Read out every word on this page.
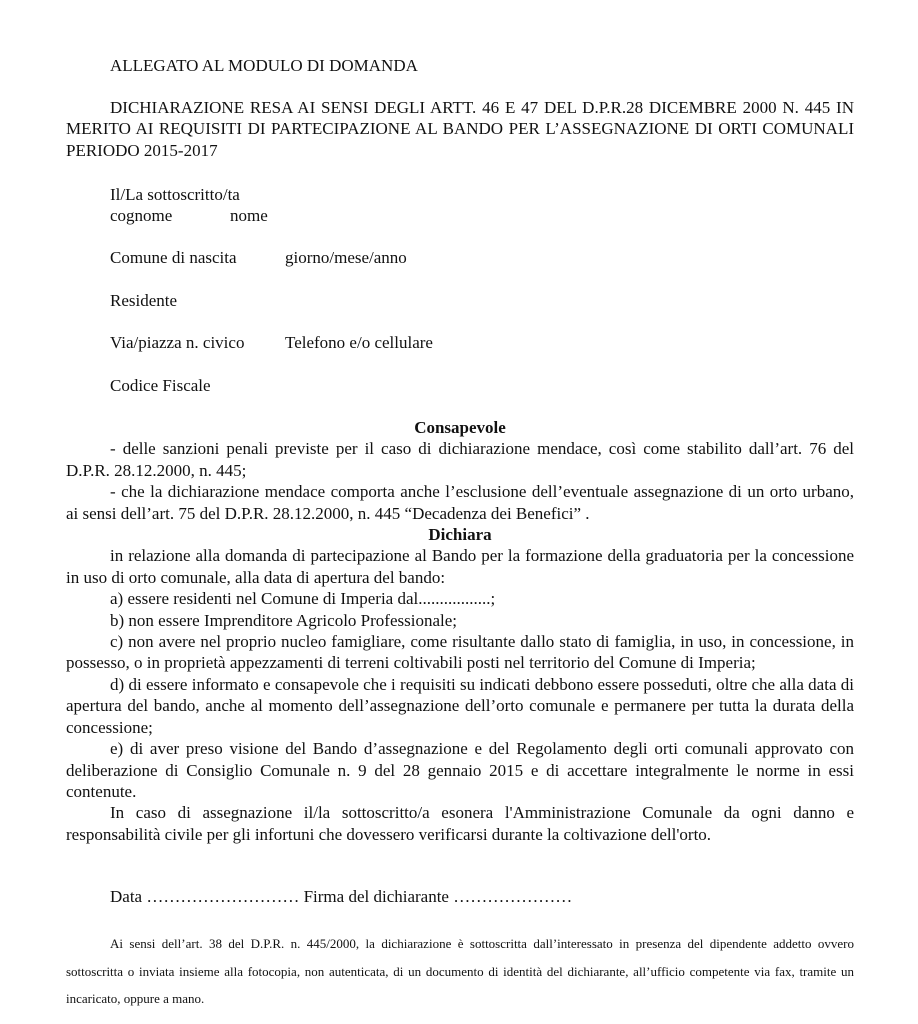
ALLEGATO AL MODULO DI DOMANDA

DICHIARAZIONE RESA AI SENSI DEGLI ARTT. 46 E 47 DEL D.P.R.28 DICEMBRE 2000 N. 445 IN MERITO AI REQUISITI DI PARTECIPAZIONE AL BANDO PER L’ASSEGNAZIONE DI ORTI COMUNALI PERIODO 2015-2017

Il/La sottoscritto/ta
cognome	nome
Comune di nascita	giorno/mese/anno
Residente
Via/piazza n. civico Telefono e/o cellulare
Codice Fiscale

Consapevole

- delle sanzioni penali previste per il caso di dichiarazione mendace, così come stabilito dall’art. 76 del D.P.R. 28.12.2000, n. 445;

- che la dichiarazione mendace comporta anche l’esclusione dell’eventuale assegnazione di un orto urbano, ai sensi dell’art. 75 del D.P.R. 28.12.2000, n. 445 “Decadenza dei Benefici” .

Dichiara

in relazione alla domanda di partecipazione al Bando per la formazione della graduatoria per la concessione in uso di orto comunale, alla data di apertura del bando:

a) essere residenti nel Comune di Imperia dal.................;

b) non essere Imprenditore Agricolo Professionale;

c) non avere nel proprio nucleo famigliare, come risultante dallo stato di famiglia, in uso, in concessione, in possesso, o in proprietà appezzamenti di terreni coltivabili posti nel territorio del Comune di Imperia;

d) di essere informato e consapevole che i requisiti su indicati debbono essere posseduti, oltre che alla data di apertura del bando, anche al momento dell’assegnazione dell’orto comunale e permanere per tutta la durata della concessione;

e) di aver preso visione del Bando d’assegnazione e del Regolamento degli orti comunali approvato con deliberazione di Consiglio Comunale n. 9 del 28 gennaio 2015 e di accettare integralmente le norme in essi contenute.

In caso di assegnazione il/la sottoscritto/a esonera l'Amministrazione Comunale da ogni danno e responsabilità civile per gli infortuni che dovessero verificarsi durante la coltivazione dell'orto.

Data ……………………… Firma del dichiarante …………………

Ai sensi dell’art. 38 del D.P.R. n. 445/2000, la dichiarazione è sottoscritta dall’interessato in presenza del dipendente addetto ovvero sottoscritta o inviata insieme alla fotocopia, non autenticata, di un documento di identità del dichiarante, all’ufficio competente via fax, tramite un incaricato, oppure a mano.
